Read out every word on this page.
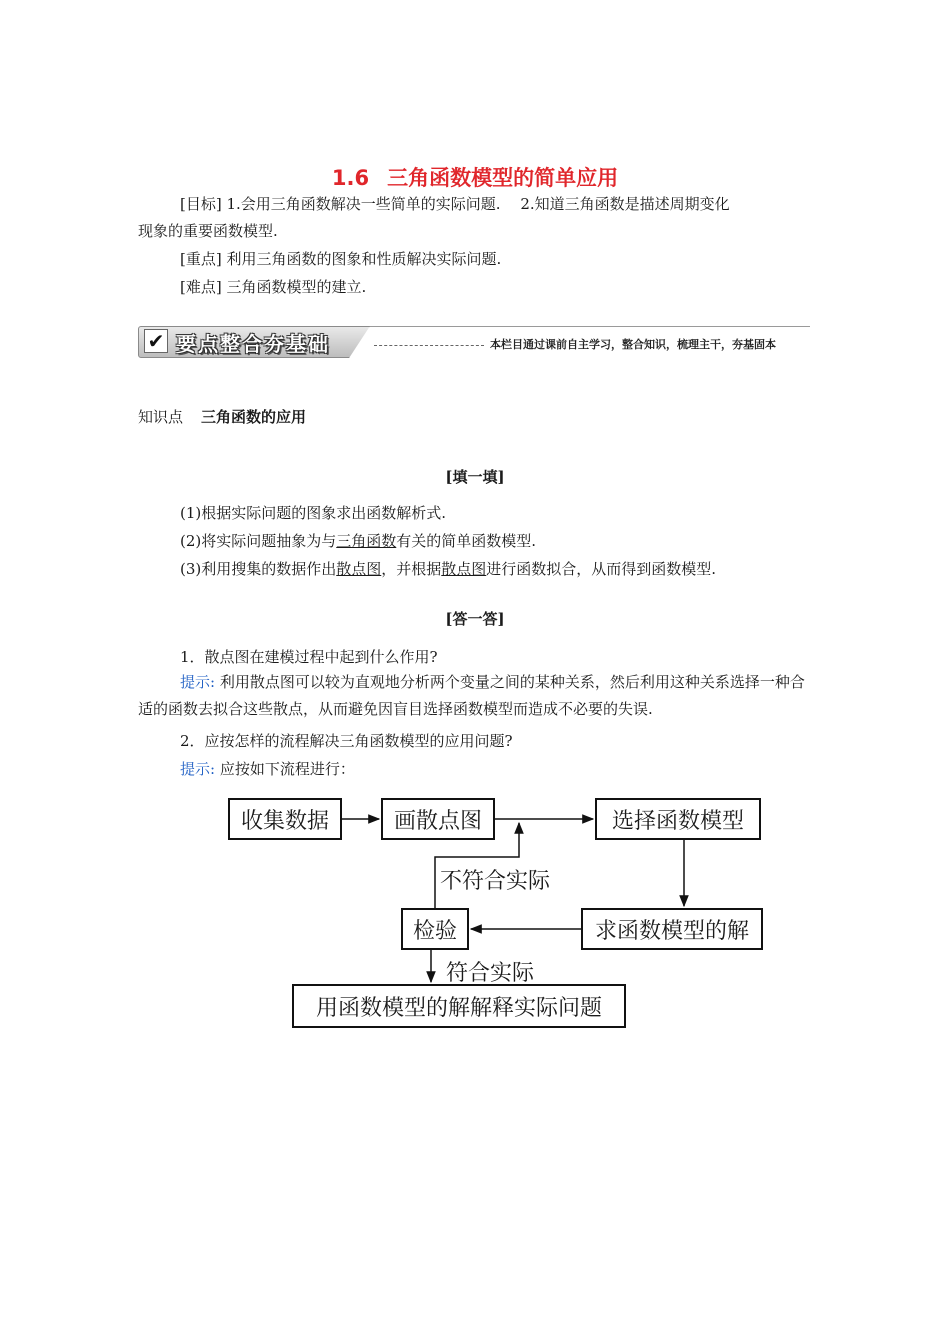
1.6 三角函数模型的简单应用
[目标] 1.会用三角函数解决一些简单的实际问题.　 2.知道三角函数是描述周期变化
现象的重要函数模型.
[重点] 利用三角函数的图象和性质解决实际问题.
[难点] 三角函数模型的建立.
✔ 要点整合夯基础	本栏目通过课前自主学习，整合知识，梳理主干，夯基固本
知识点 三角函数的应用
[填一填]
(1)根据实际问题的图象求出函数解析式.
(2)将实际问题抽象为与三角函数有关的简单函数模型.
(3)利用搜集的数据作出散点图，并根据散点图进行函数拟合，从而得到函数模型.
[答一答]
1．散点图在建模过程中起到什么作用?
提示: 利用散点图可以较为直观地分析两个变量之间的某种关系，然后利用这种关系选择一种合适的函数去拟合这些散点，从而避免因盲目选择函数模型而造成不必要的失误.
2．应按怎样的流程解决三角函数模型的应用问题?
提示: 应按如下流程进行：
收集数据	画散点图	选择函数模型
求函数模型的解
检验
用函数模型的解解释实际问题
不符合实际
符合实际
